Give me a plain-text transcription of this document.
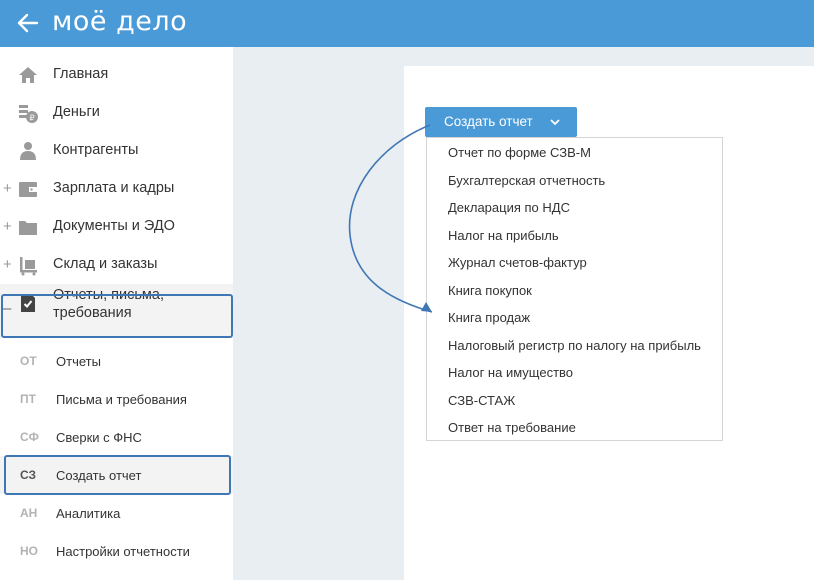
моё дело
Главная
₽ Деньги
Контрагенты
+	Зарплата и кадры
+	Документы и ЭДО
+	Склад и заказы
–
Отчеты, письма, требования
ОТ Отчеты
ПТ Письма и требования
СФ Сверки с ФНС
СЗ Создать отчет
АН Аналитика
НО Настройки отчетности
Создать отчет
Отчет по форме СЗВ-М
Бухгалтерская отчетность
Декларация по НДС
Налог на прибыль
Журнал счетов-фактур
Книга покупок
Книга продаж
Налоговый регистр по налогу на прибыль
Налог на имущество
СЗВ-СТАЖ
Ответ на требование
